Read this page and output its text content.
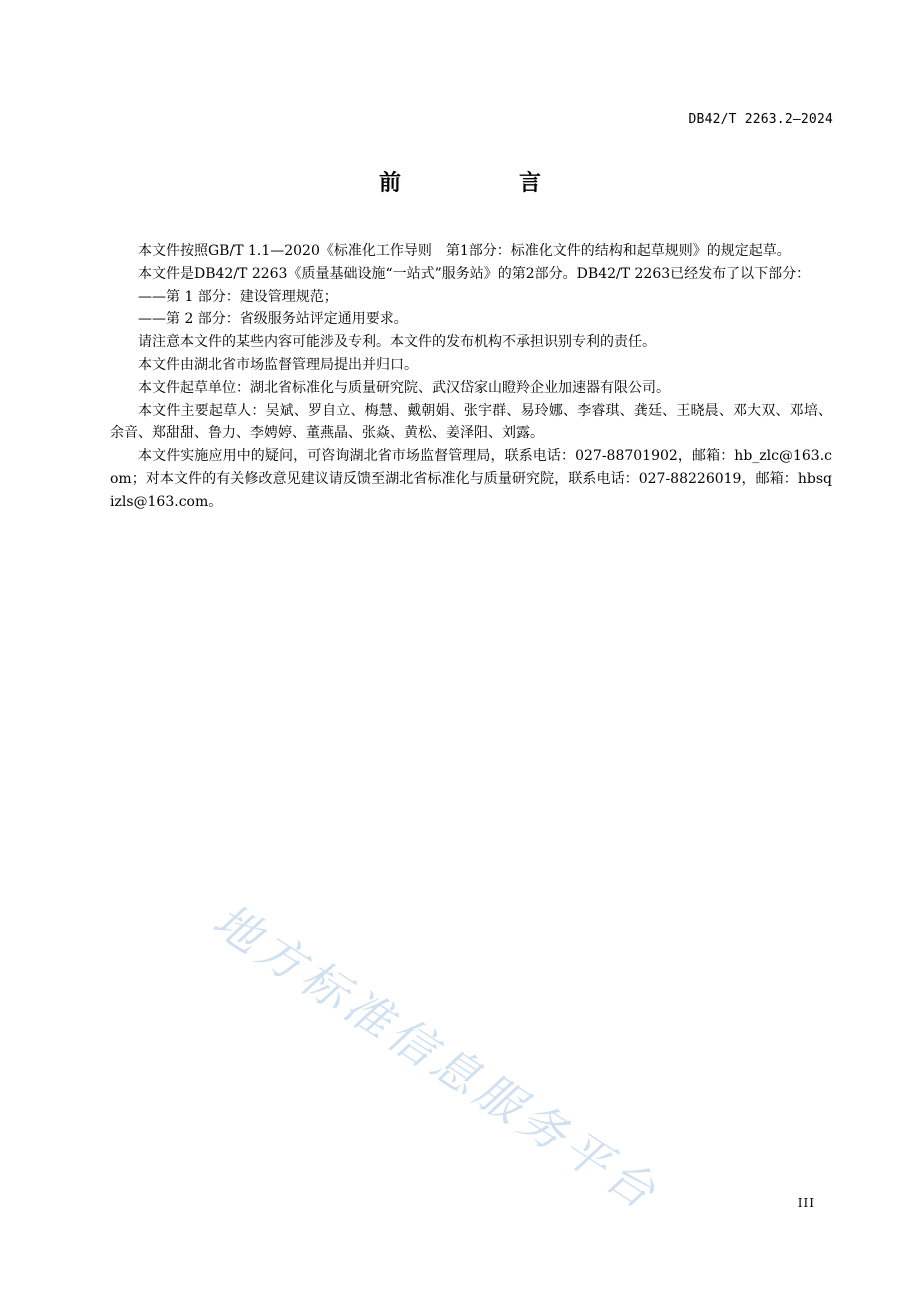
DB42/T 2263.2—2024
前　言

本文件按照GB/T 1.1—2020《标准化工作导则　第1部分：标准化文件的结构和起草规则》的规定起草。

本文件是DB42/T 2263《质量基础设施“一站式”服务站》的第2部分。DB42/T 2263已经发布了以下部分：

——第 1 部分：建设管理规范；

——第 2 部分：省级服务站评定通用要求。

请注意本文件的某些内容可能涉及专利。本文件的发布机构不承担识别专利的责任。

本文件由湖北省市场监督管理局提出并归口。

本文件起草单位：湖北省标准化与质量研究院、武汉岱家山瞪羚企业加速器有限公司。

本文件主要起草人：吴斌、罗自立、梅慧、戴朝娟、张宇群、易玲娜、李睿琪、龚廷、王晓晨、邓大双、邓培、余音、郑甜甜、鲁力、李娉婷、董燕晶、张焱、黄松、姜泽阳、刘露。

本文件实施应用中的疑问，可咨询湖北省市场监督管理局，联系电话：027-88701902，邮箱：hb_zlc@163.com；对本文件的有关修改意见建议请反馈至湖北省标准化与质量研究院，联系电话：027-88226019，邮箱：hbsqizls@163.com。

地方标准信息服务平台	III
